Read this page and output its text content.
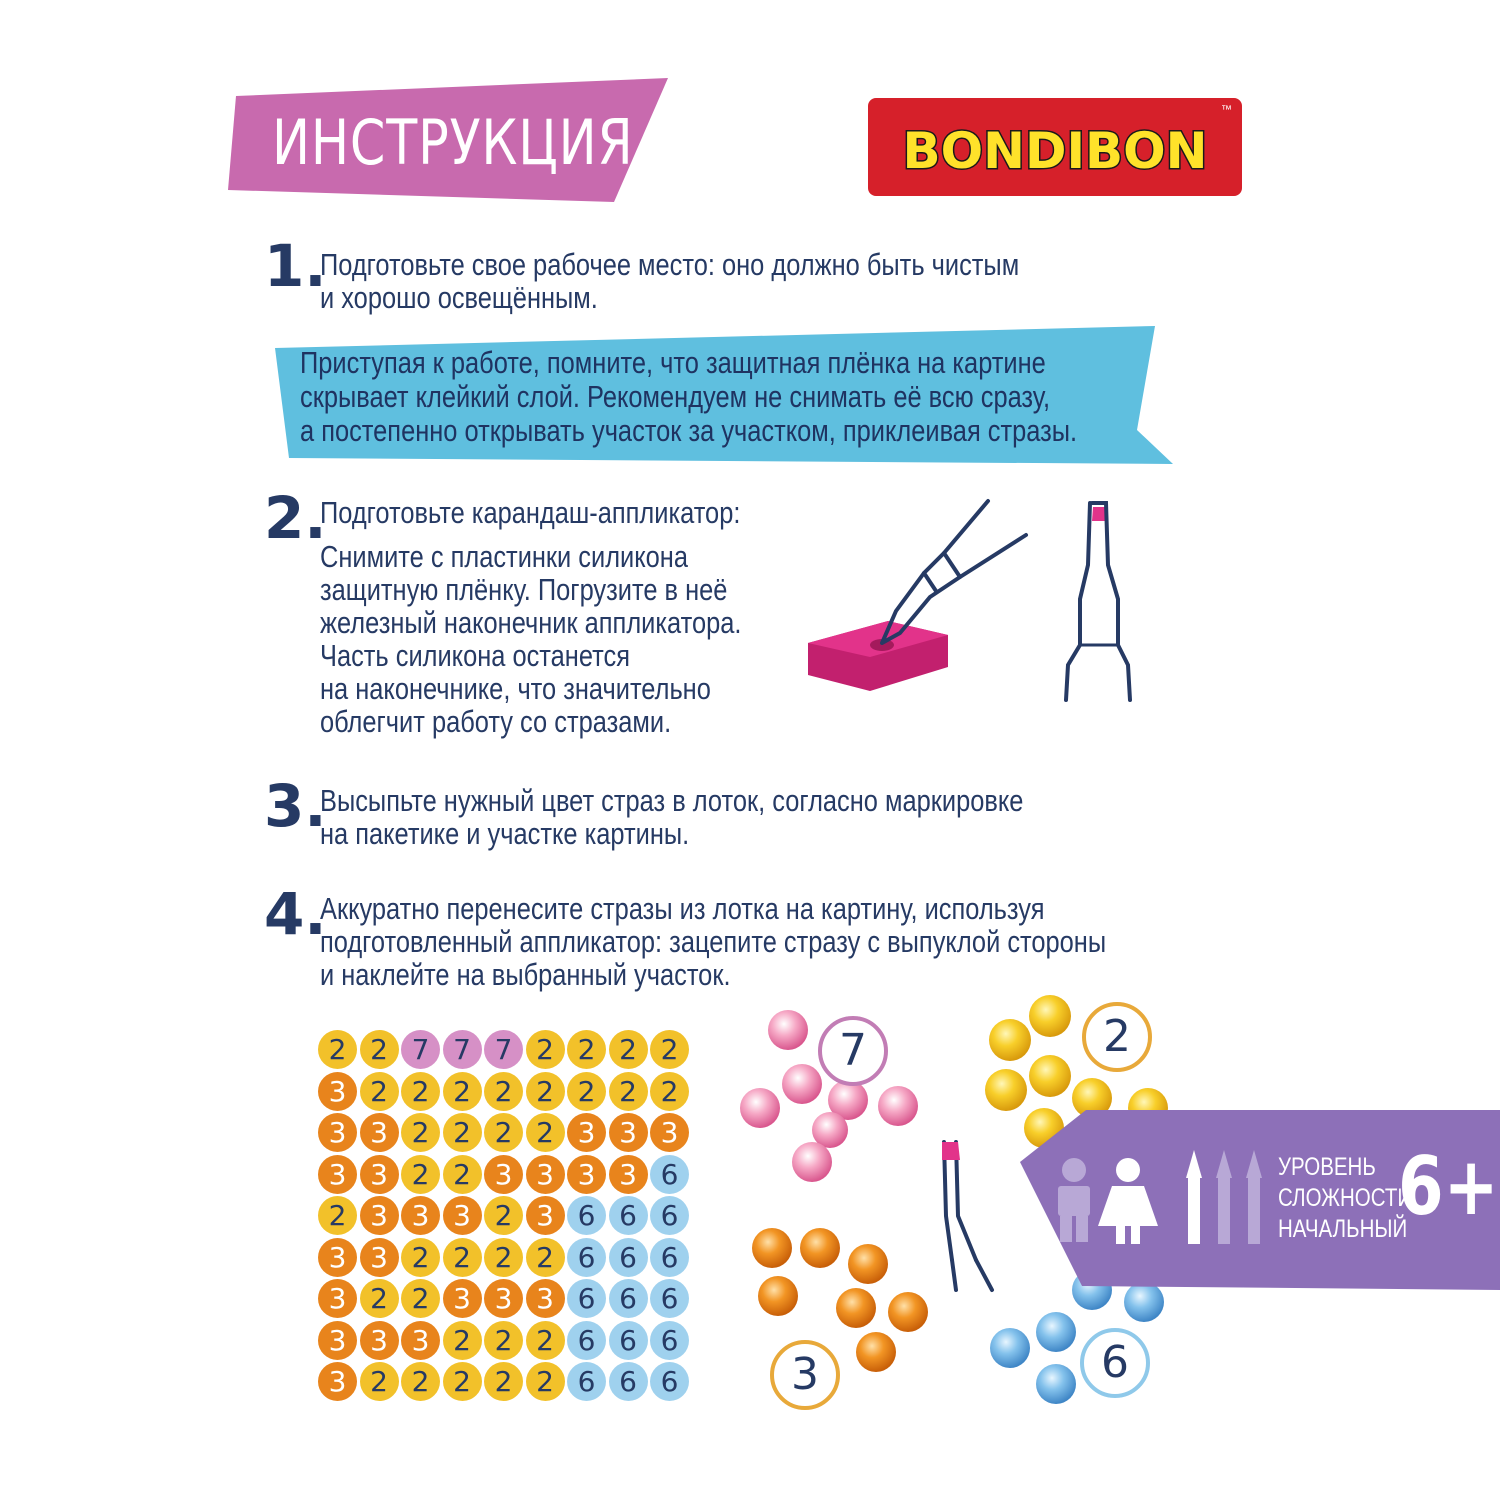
ИНСТРУКЦИЯ	BONDIBON
™
1.
Подготовьте свое рабочее место: оно должно быть чистым
и хорошо освещённым.
Приступая к работе, помните, что защитная плёнка на картине
скрывает клейкий слой. Рекомендуем не снимать её всю сразу,
а постепенно открывать участок за участком, приклеивая стразы.
2.
Подготовьте карандаш-аппликатор:
Снимите с пластинки силикона
защитную плёнку. Погрузите в неё
железный наконечник аппликатора.
Часть силикона останется
на наконечнике, что значительно
облегчит работу со стразами.
3.
Высыпьте нужный цвет страз в лоток, согласно маркировке
на пакетике и участке картины.
4.
Аккуратно перенесите стразы из лотка на картину, используя
подготовленный аппликатор: зацепите стразу с выпуклой стороны
и наклейте на выбранный участок.
2 2 7 7 7 2 2 2 2
3 2 2 2 2 2 2 2 2
3 3 2 2 2 2 3 3 3
3 3 2 2 3 3 3 3 6
2 3 3 3 2 3 6 6 6
3 3 2 2 2 2 6 6 6
3 2 2 3 3 3 6 6 6
3 3 3 2 2 2 6 6 6
3 2 2 2 2 2 6 6 6
7	2
3	6
УРОВЕНЬ
СЛОЖНОСТИ
НАЧАЛЬНЫЙ
6+
